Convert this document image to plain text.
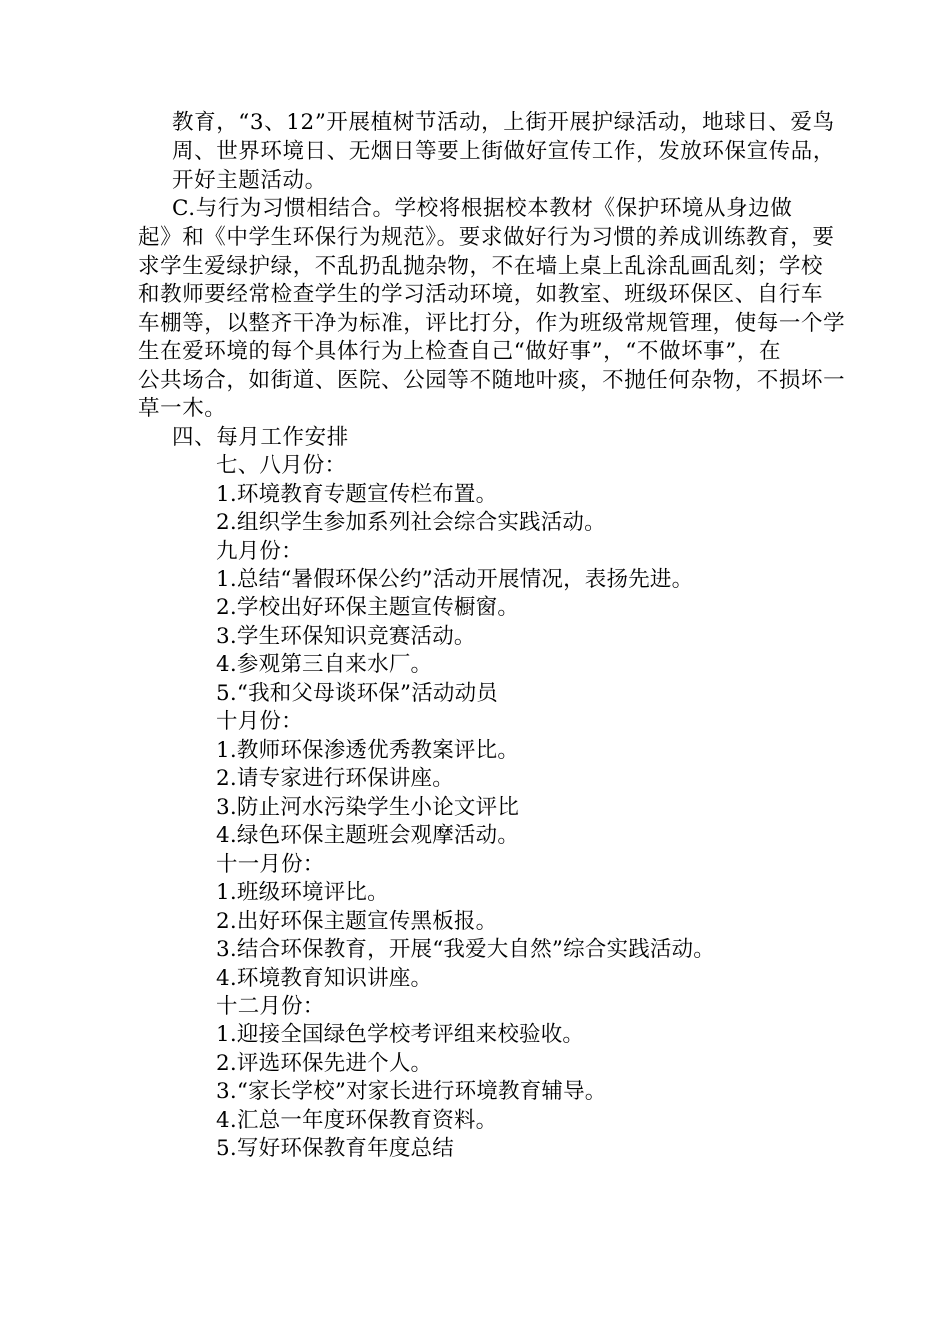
教育，“3、12”开展植树节活动，上街开展护绿活动，地球日、爱鸟
周、世界环境日、无烟日等要上街做好宣传工作，发放环保宣传品，
开好主题活动。
C.与行为习惯相结合。学校将根据校本教材《保护环境从身边做
起》和《中学生环保行为规范》。要求做好行为习惯的养成训练教育，要
求学生爱绿护绿，不乱扔乱抛杂物，不在墙上桌上乱涂乱画乱刻；学校
和教师要经常检查学生的学习活动环境，如教室、班级环保区、自行车
车棚等，以整齐干净为标准，评比打分，作为班级常规管理，使每一个学
生在爱环境的每个具体行为上检查自己“做好事”，“不做坏事”，在
公共场合，如街道、医院、公园等不随地叶痰，不抛任何杂物，不损坏一
草一木。
四、每月工作安排
七、八月份：
1.环境教育专题宣传栏布置。
2.组织学生参加系列社会综合实践活动。
九月份：
1.总结“暑假环保公约”活动开展情况，表扬先进。
2.学校出好环保主题宣传橱窗。
3.学生环保知识竞赛活动。
4.参观第三自来水厂。
5.“我和父母谈环保”活动动员
十月份：
1.教师环保渗透优秀教案评比。
2.请专家进行环保讲座。
3.防止河水污染学生小论文评比
4.绿色环保主题班会观摩活动。
十一月份：
1.班级环境评比。
2.出好环保主题宣传黑板报。
3.结合环保教育，开展“我爱大自然”综合实践活动。
4.环境教育知识讲座。
十二月份：
1.迎接全国绿色学校考评组来校验收。
2.评选环保先进个人。
3.“家长学校”对家长进行环境教育辅导。
4.汇总一年度环保教育资料。
5.写好环保教育年度总结
